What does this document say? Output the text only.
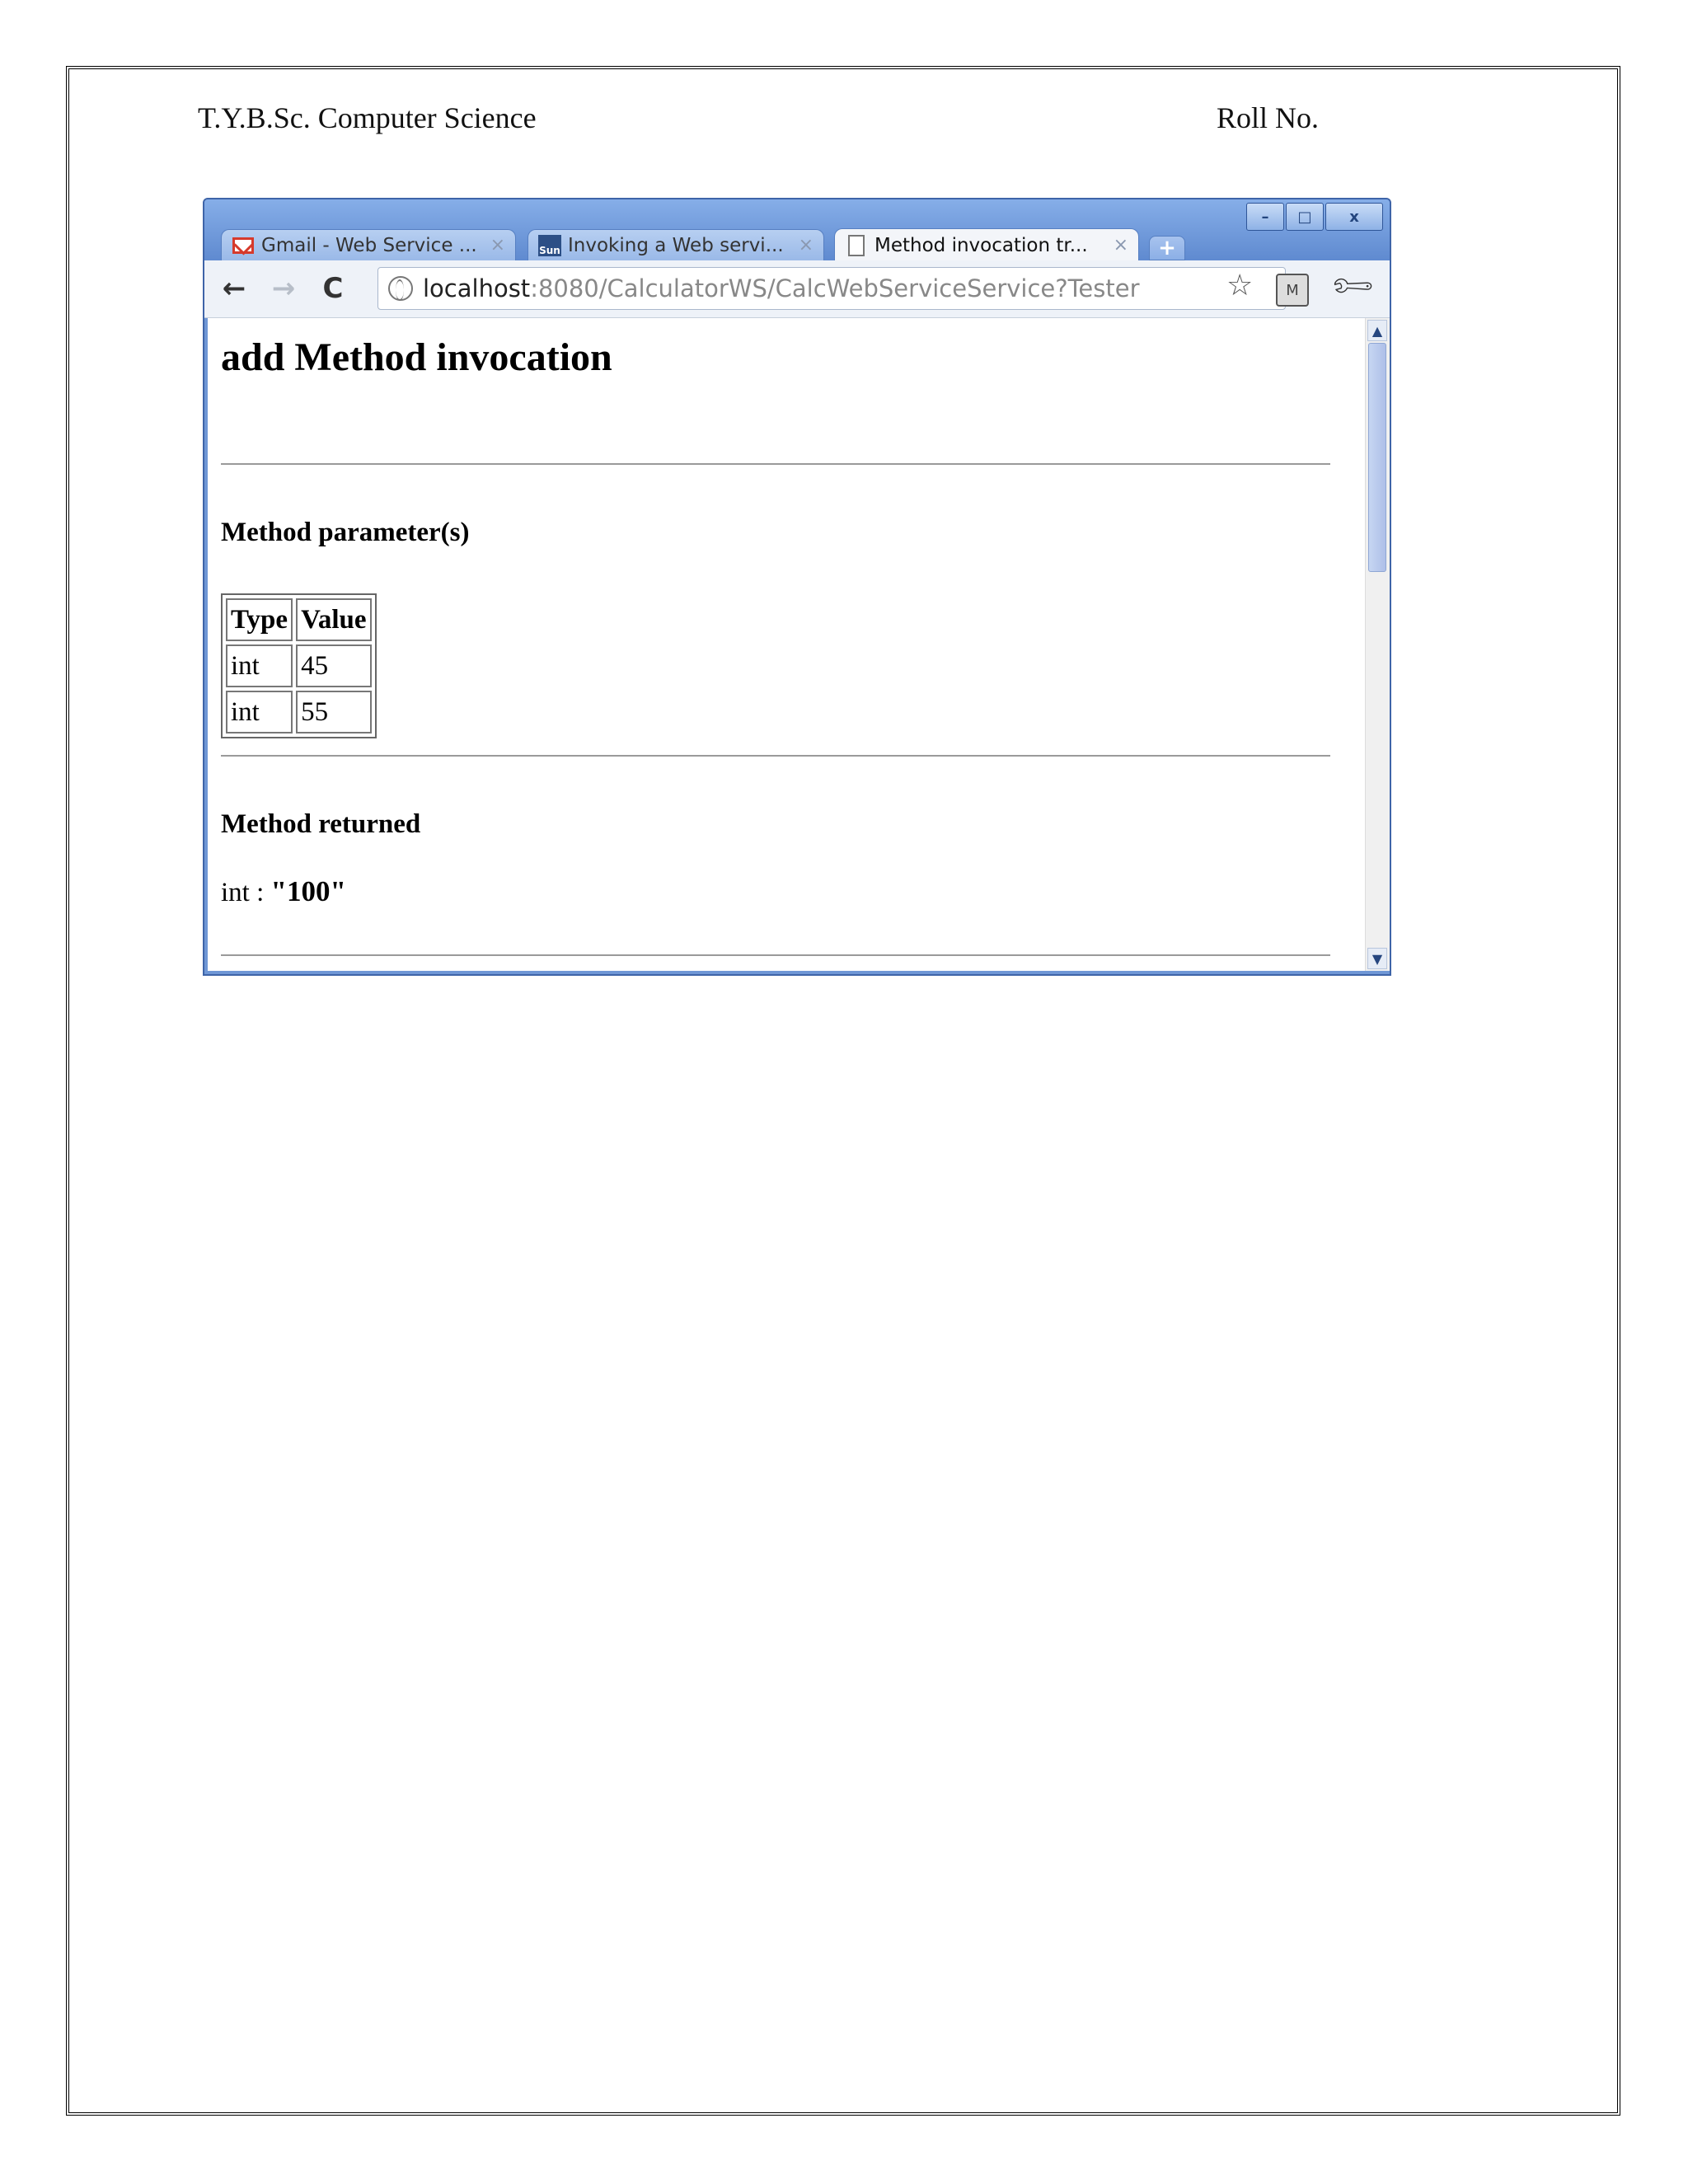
T.Y.B.Sc. Computer Science	Roll No.
Gmail - Web Service ... ×	Sun Invoking a Web servi... ×	Method invocation tr...	×	+
–	□	x
← → C	localhost :8080/CalculatorWS/CalcWebServiceService?Tester	☆	M 🔧︎
add Method invocation
Method parameter(s)
Type	Value
int	45
int	55
Method returned
int : "100"
▲
▼
